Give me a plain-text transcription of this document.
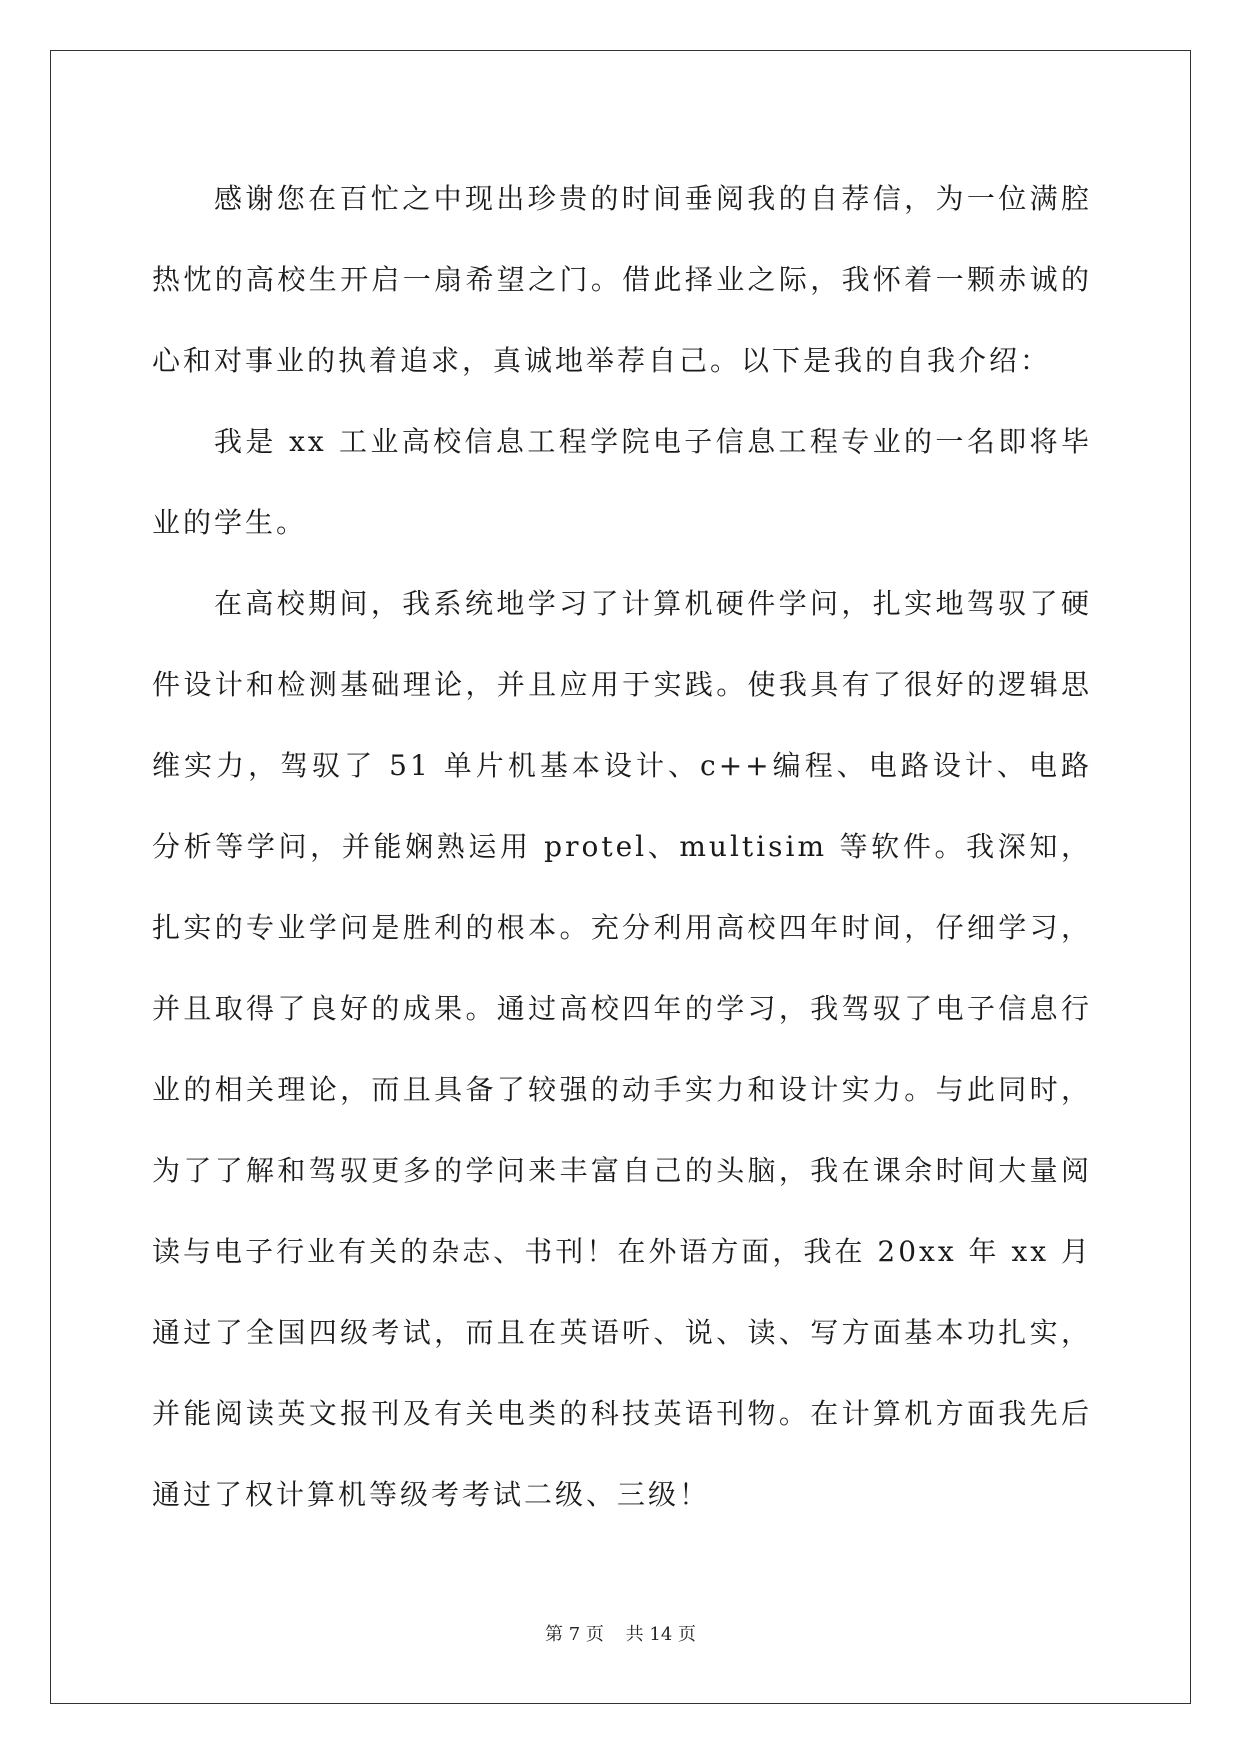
感谢您在百忙之中现出珍贵的时间垂阅我的自荐信，为一位满腔热忱的高校生开启一扇希望之门。借此择业之际，我怀着一颗赤诚的心和对事业的执着追求，真诚地举荐自己。以下是我的自我介绍：

我是 xx 工业高校信息工程学院电子信息工程专业的一名即将毕业的学生。

在高校期间，我系统地学习了计算机硬件学问，扎实地驾驭了硬件设计和检测基础理论，并且应用于实践。使我具有了很好的逻辑思维实力，驾驭了 51 单片机基本设计、c++编程、电路设计、电路分析等学问，并能娴熟运用 protel、multisim 等软件。我深知，扎实的专业学问是胜利的根本。充分利用高校四年时间，仔细学习，并且取得了良好的成果。通过高校四年的学习，我驾驭了电子信息行业的相关理论，而且具备了较强的动手实力和设计实力。与此同时，为了了解和驾驭更多的学问来丰富自己的头脑，我在课余时间大量阅读与电子行业有关的杂志、书刊！在外语方面，我在 20xx 年 xx 月通过了全国四级考试，而且在英语听、说、读、写方面基本功扎实，并能阅读英文报刊及有关电类的科技英语刊物。在计算机方面我先后通过了权计算机等级考考试二级、三级！

第 7 页 共 14 页
